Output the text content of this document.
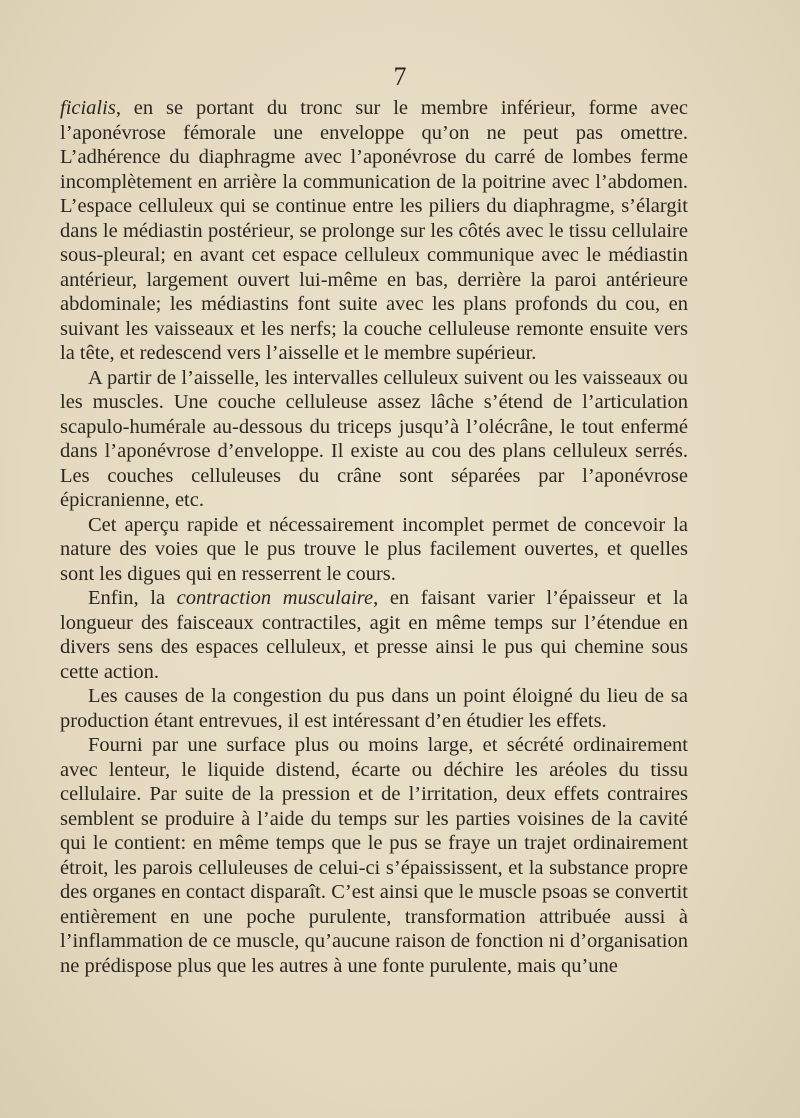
7

ficialis, en se portant du tronc sur le membre inférieur, forme avec l’aponévrose fémorale une enveloppe qu’on ne peut pas omettre. L’adhérence du diaphragme avec l’aponévrose du carré de lombes ferme incomplètement en arrière la communication de la poitrine avec l’abdomen. L’espace celluleux qui se continue entre les piliers du diaphragme, s’élargit dans le médiastin postérieur, se prolonge sur les côtés avec le tissu cellulaire sous-pleural; en avant cet espace celluleux communique avec le médiastin antérieur, largement ouvert lui-même en bas, derrière la paroi antérieure abdominale; les médiastins font suite avec les plans profonds du cou, en suivant les vaisseaux et les nerfs; la couche celluleuse remonte ensuite vers la tête, et redescend vers l’aisselle et le membre supérieur.

A partir de l’aisselle, les intervalles celluleux suivent ou les vaisseaux ou les muscles. Une couche celluleuse assez lâche s’étend de l’articulation scapulo-humérale au-dessous du triceps jusqu’à l’olécrâne, le tout enfermé dans l’aponévrose d’enveloppe. Il existe au cou des plans celluleux serrés. Les couches celluleuses du crâne sont séparées par l’aponévrose épicranienne, etc.

Cet aperçu rapide et nécessairement incomplet permet de concevoir la nature des voies que le pus trouve le plus facilement ouvertes, et quelles sont les digues qui en resserrent le cours.

Enfin, la contraction musculaire, en faisant varier l’épaisseur et la longueur des faisceaux contractiles, agit en même temps sur l’étendue en divers sens des espaces celluleux, et presse ainsi le pus qui chemine sous cette action.

Les causes de la congestion du pus dans un point éloigné du lieu de sa production étant entrevues, il est intéressant d’en étudier les effets.

Fourni par une surface plus ou moins large, et sécrété ordinairement avec lenteur, le liquide distend, écarte ou déchire les aréoles du tissu cellulaire. Par suite de la pression et de l’irritation, deux effets contraires semblent se produire à l’aide du temps sur les parties voisines de la cavité qui le contient: en même temps que le pus se fraye un trajet ordinairement étroit, les parois celluleuses de celui-ci s’épaississent, et la substance propre des organes en contact disparaît. C’est ainsi que le muscle psoas se convertit entièrement en une poche purulente, transformation attribuée aussi à l’inflammation de ce muscle, qu’aucune raison de fonction ni d’organisation ne prédispose plus que les autres à une fonte purulente, mais qu’une
